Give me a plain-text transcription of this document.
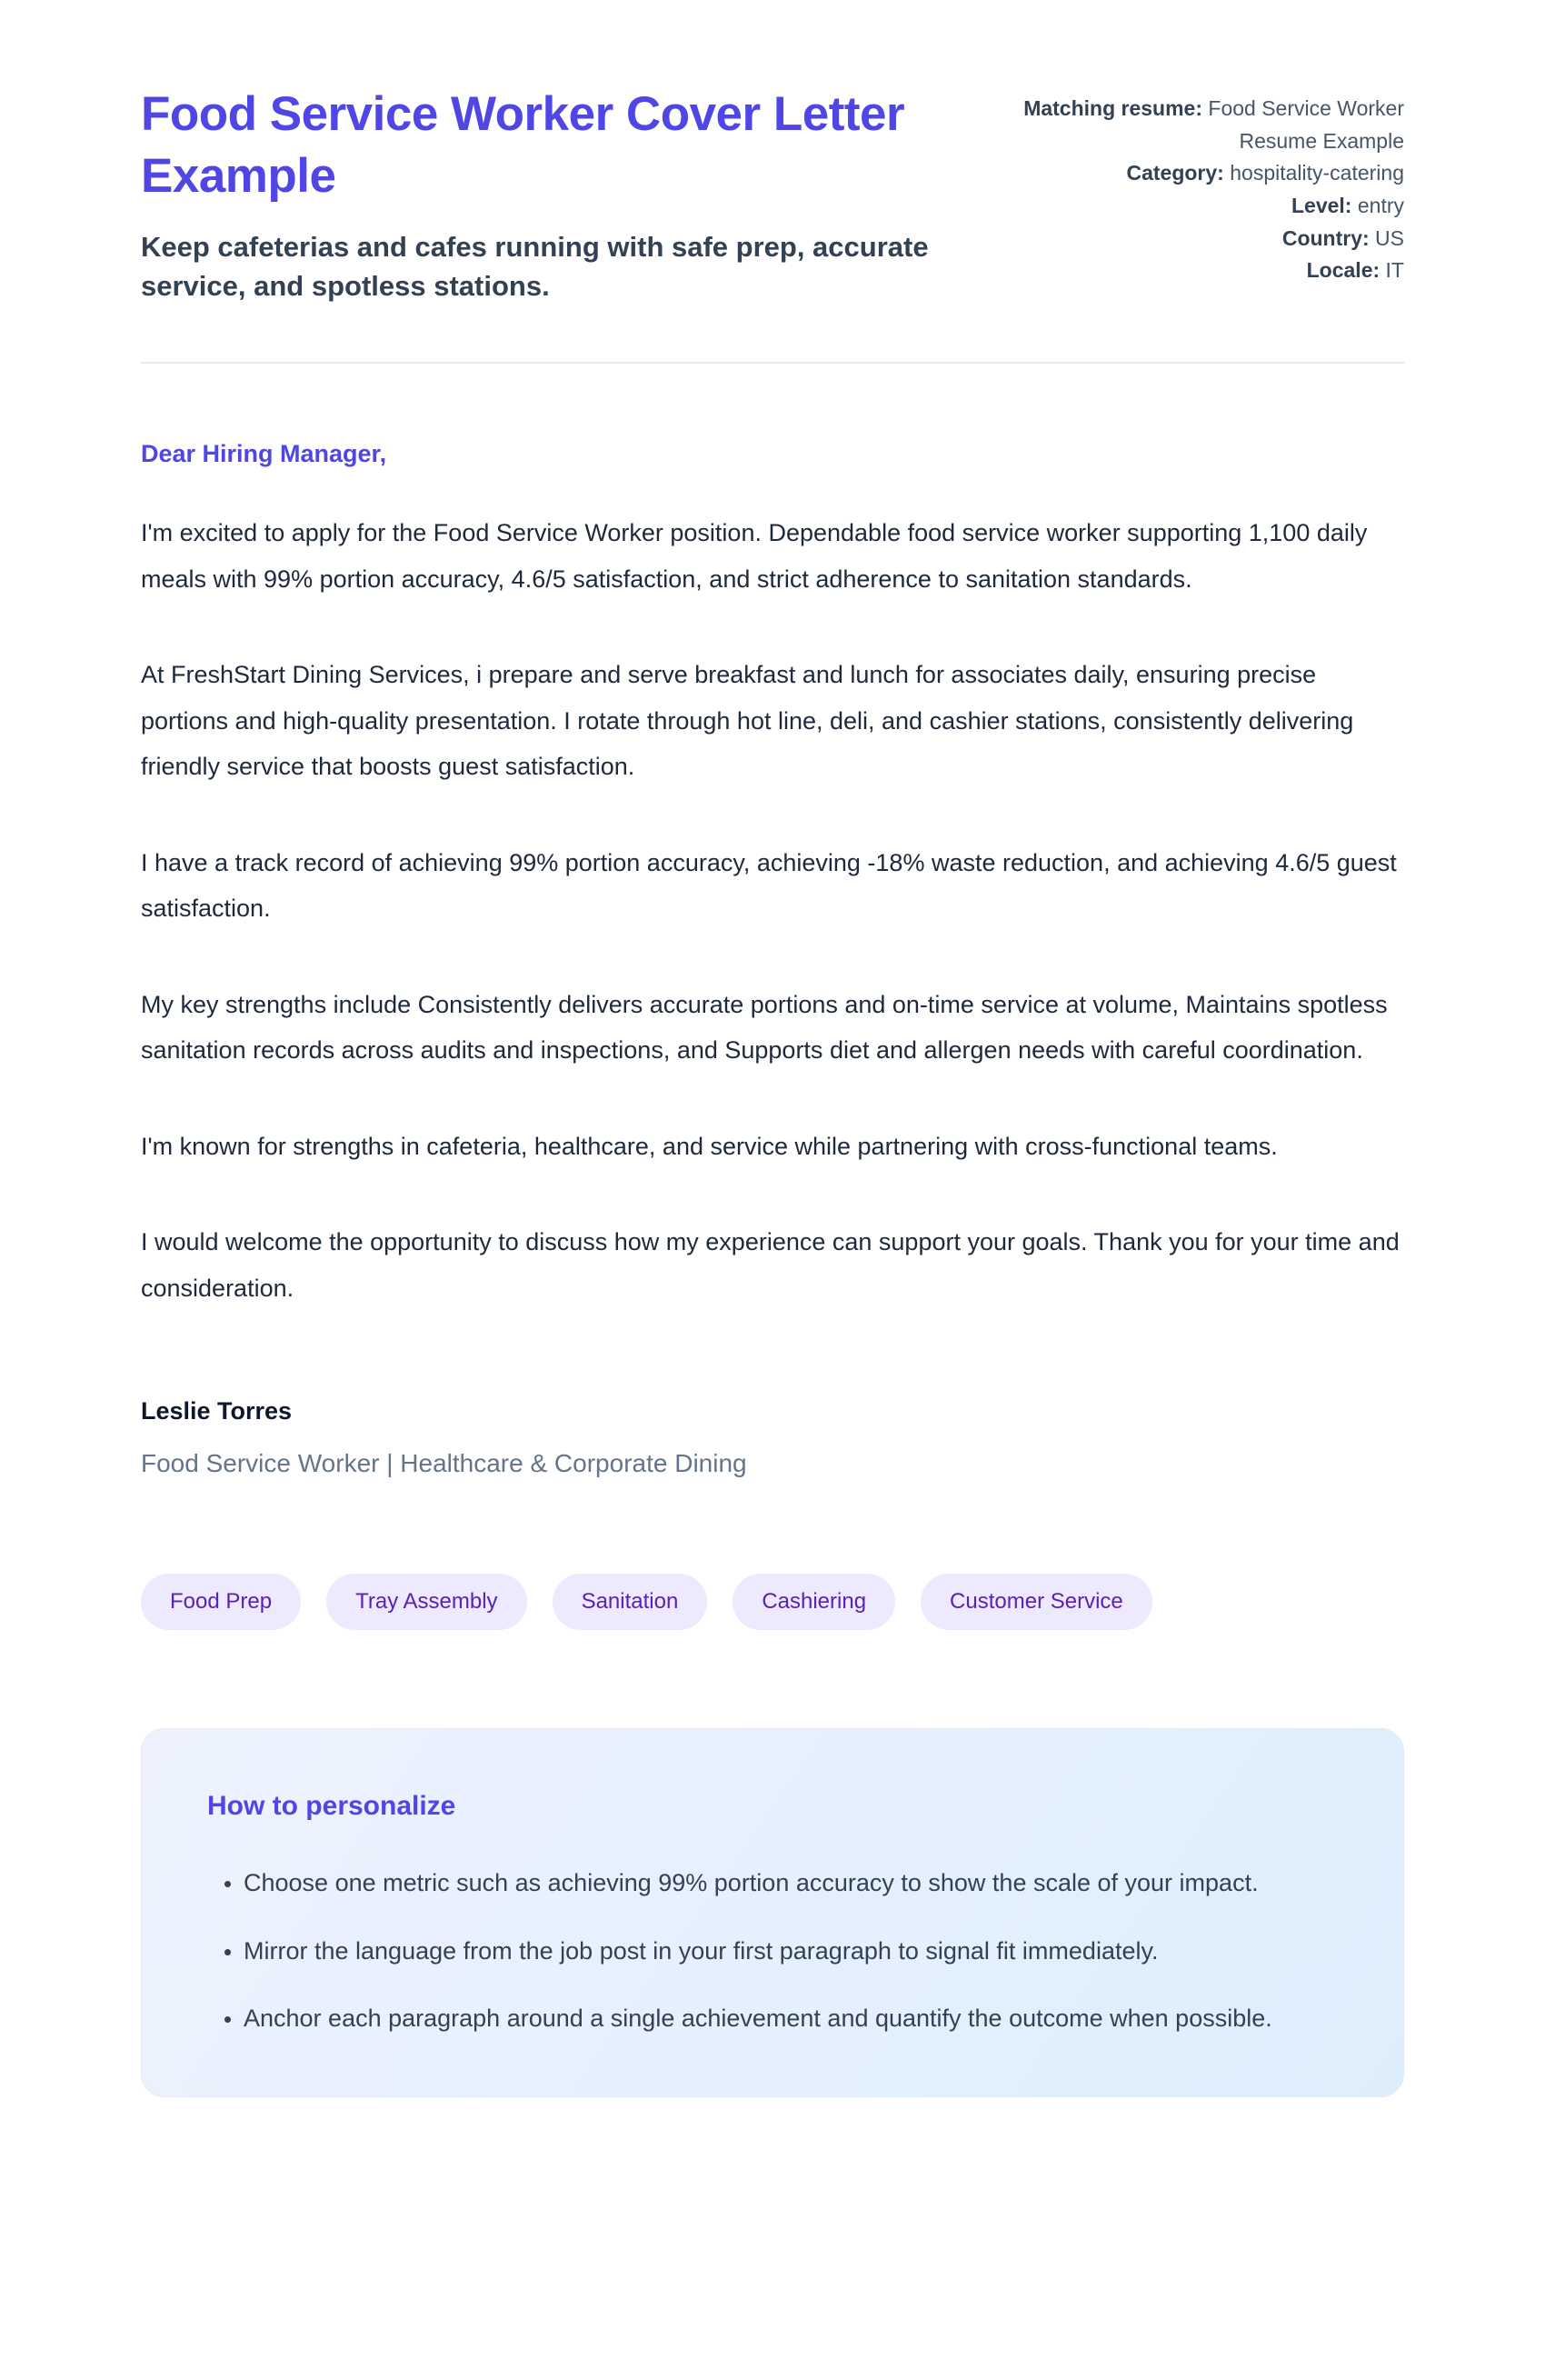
Food Service Worker Cover Letter Example

Keep cafeterias and cafes running with safe prep, accurate service, and spotless stations.

Matching resume: Food Service Worker Resume Example

Category: hospitality-catering

Level: entry

Country: US

Locale: IT

Dear Hiring Manager,

I'm excited to apply for the Food Service Worker position. Dependable food service worker supporting 1,100 daily meals with 99% portion accuracy, 4.6/5 satisfaction, and strict adherence to sanitation standards.

At FreshStart Dining Services, i prepare and serve breakfast and lunch for associates daily, ensuring precise portions and high-quality presentation. I rotate through hot line, deli, and cashier stations, consistently delivering friendly service that boosts guest satisfaction.

I have a track record of achieving 99% portion accuracy, achieving -18% waste reduction, and achieving 4.6/5 guest satisfaction.

My key strengths include Consistently delivers accurate portions and on-time service at volume, Maintains spotless sanitation records across audits and inspections, and Supports diet and allergen needs with careful coordination.

I'm known for strengths in cafeteria, healthcare, and service while partnering with cross-functional teams.

I would welcome the opportunity to discuss how my experience can support your goals. Thank you for your time and consideration.

Leslie Torres

Food Service Worker | Healthcare & Corporate Dining

Food Prep	Tray Assembly	Sanitation	Cashiering	Customer Service
How to personalize
• Choose one metric such as achieving 99% portion accuracy to show the scale of your impact.
• Mirror the language from the job post in your first paragraph to signal fit immediately.
• Anchor each paragraph around a single achievement and quantify the outcome when possible.
